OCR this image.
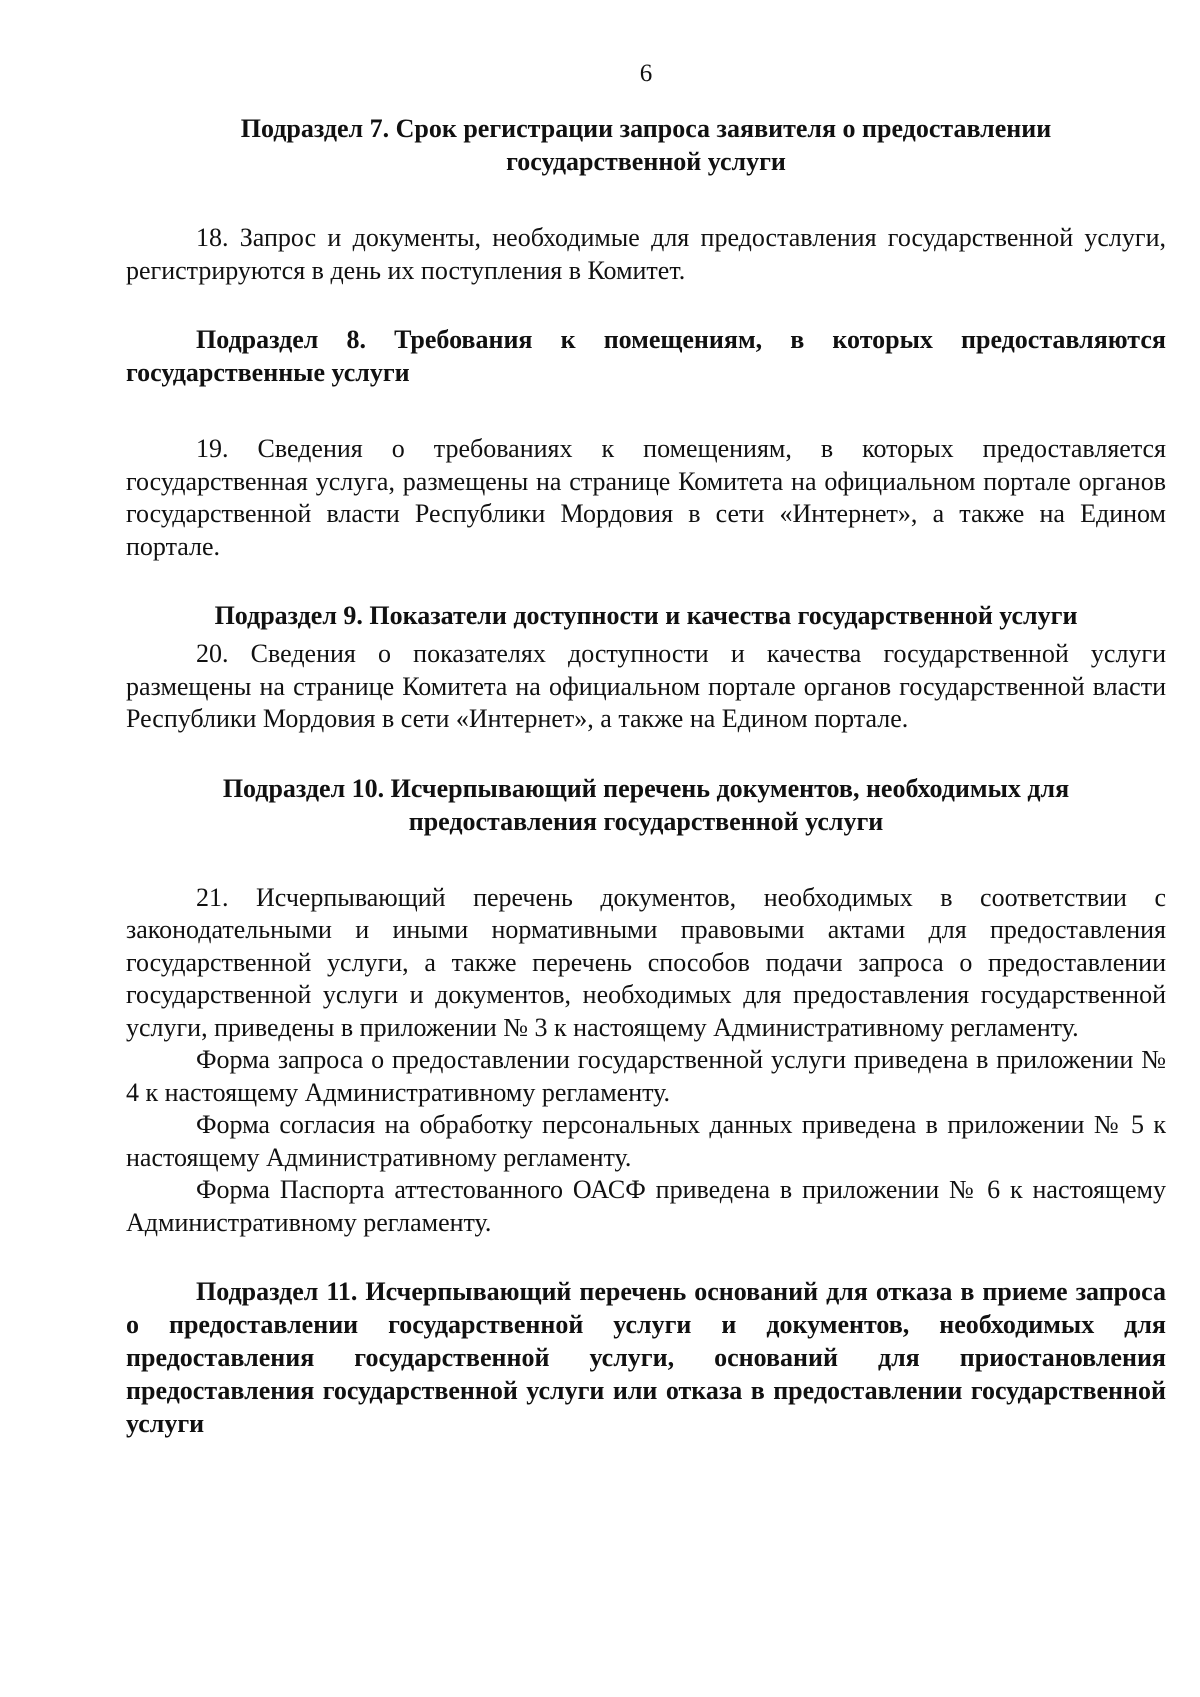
6
Подраздел 7. Срок регистрации запроса заявителя о предоставлении государственной услуги

18. Запрос и документы, необходимые для предоставления государственной услуги, регистрируются в день их поступления в Комитет.

Подраздел 8. Требования к помещениям, в которых предоставляются государственные услуги

19. Сведения о требованиях к помещениям, в которых предоставляется государственная услуга, размещены на странице Комитета на официальном портале органов государственной власти Республики Мордовия в сети «Интернет», а также на Едином портале.

Подраздел 9. Показатели доступности и качества государственной услуги

20. Сведения о показателях доступности и качества государственной услуги размещены на странице Комитета на официальном портале органов государственной власти Республики Мордовия в сети «Интернет», а также на Едином портале.

Подраздел 10. Исчерпывающий перечень документов, необходимых для предоставления государственной услуги

21. Исчерпывающий перечень документов, необходимых в соответствии с законодательными и иными нормативными правовыми актами для предоставления государственной услуги, а также перечень способов подачи запроса о предоставлении государственной услуги и документов, необходимых для предоставления государственной услуги, приведены в приложении № 3 к настоящему Административному регламенту.

Форма запроса о предоставлении государственной услуги приведена в приложении № 4 к настоящему Административному регламенту.

Форма согласия на обработку персональных данных приведена в приложении № 5 к настоящему Административному регламенту.

Форма Паспорта аттестованного ОАСФ приведена в приложении № 6 к настоящему Административному регламенту.

Подраздел 11. Исчерпывающий перечень оснований для отказа в приеме запроса о предоставлении государственной услуги и документов, необходимых для предоставления государственной услуги, оснований для приостановления предоставления государственной услуги или отказа в предоставлении государственной услуги
